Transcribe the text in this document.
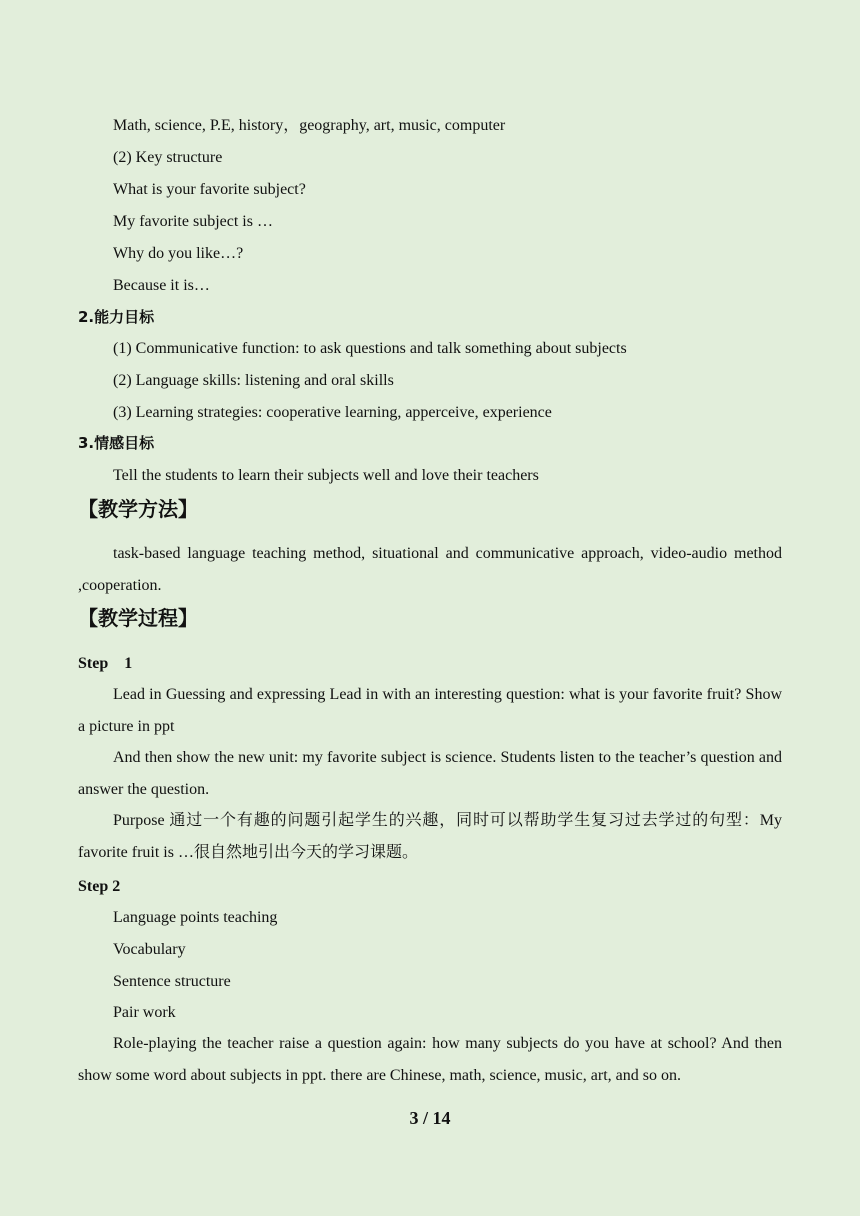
Math, science, P.E, history，geography, art, music, computer
(2) Key structure
What is your favorite subject?
My favorite subject is …
Why do you like…?
Because it is…
2.能力目标
(1) Communicative function: to ask questions and talk something about subjects
(2) Language skills: listening and oral skills
(3) Learning strategies: cooperative learning, apperceive, experience
3.情感目标
Tell the students to learn their subjects well and love their teachers
【教学方法】
task-based language teaching method, situational and communicative approach, video-audio method ,cooperation.
【教学过程】
Step    1
Lead in Guessing and expressing Lead in with an interesting question: what is your favorite fruit? Show a picture in ppt
And then show the new unit: my favorite subject is science. Students listen to the teacher’s question and answer the question.
Purpose 通过一个有趣的问题引起学生的兴趣，同时可以帮助学生复习过去学过的句型：My favorite fruit is …很自然地引出今天的学习课题。
Step 2
Language points teaching
Vocabulary
Sentence structure
Pair work
Role-playing the teacher raise a question again: how many subjects do you have at school? And then show some word about subjects in ppt. there are Chinese, math, science, music, art, and so on.
3 / 14
